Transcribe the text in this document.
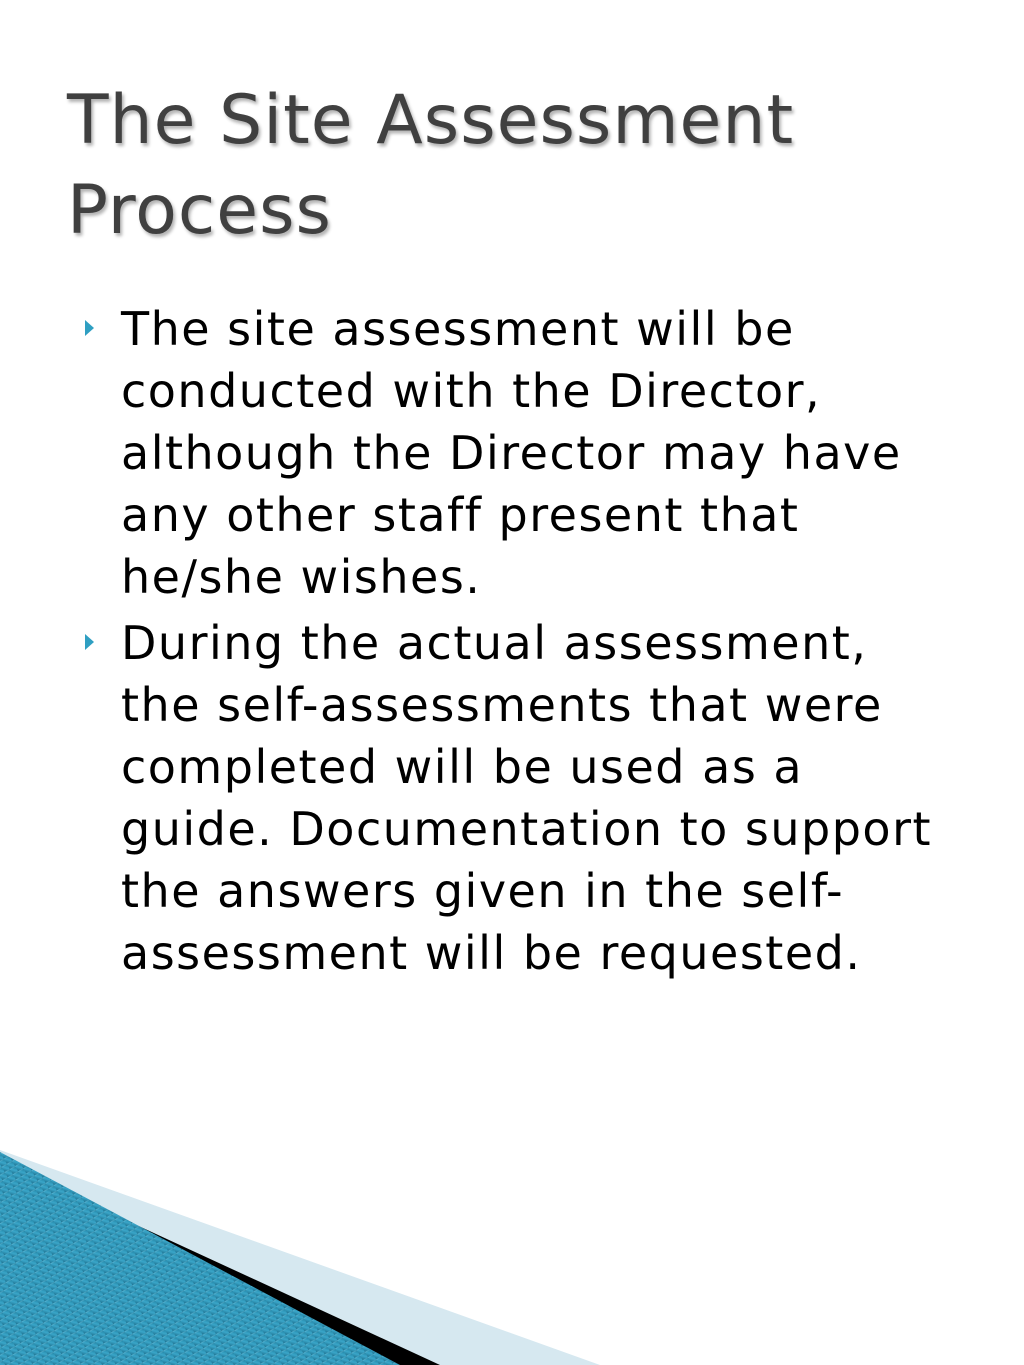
The Site Assessment
Process
The site assessment will be
conducted with the Director,
although the Director may have
any other staff present that
he/she wishes.
During the actual assessment,
the self-assessments that were
completed will be used as a
guide. Documentation to support
the answers given in the self-
assessment will be requested.
